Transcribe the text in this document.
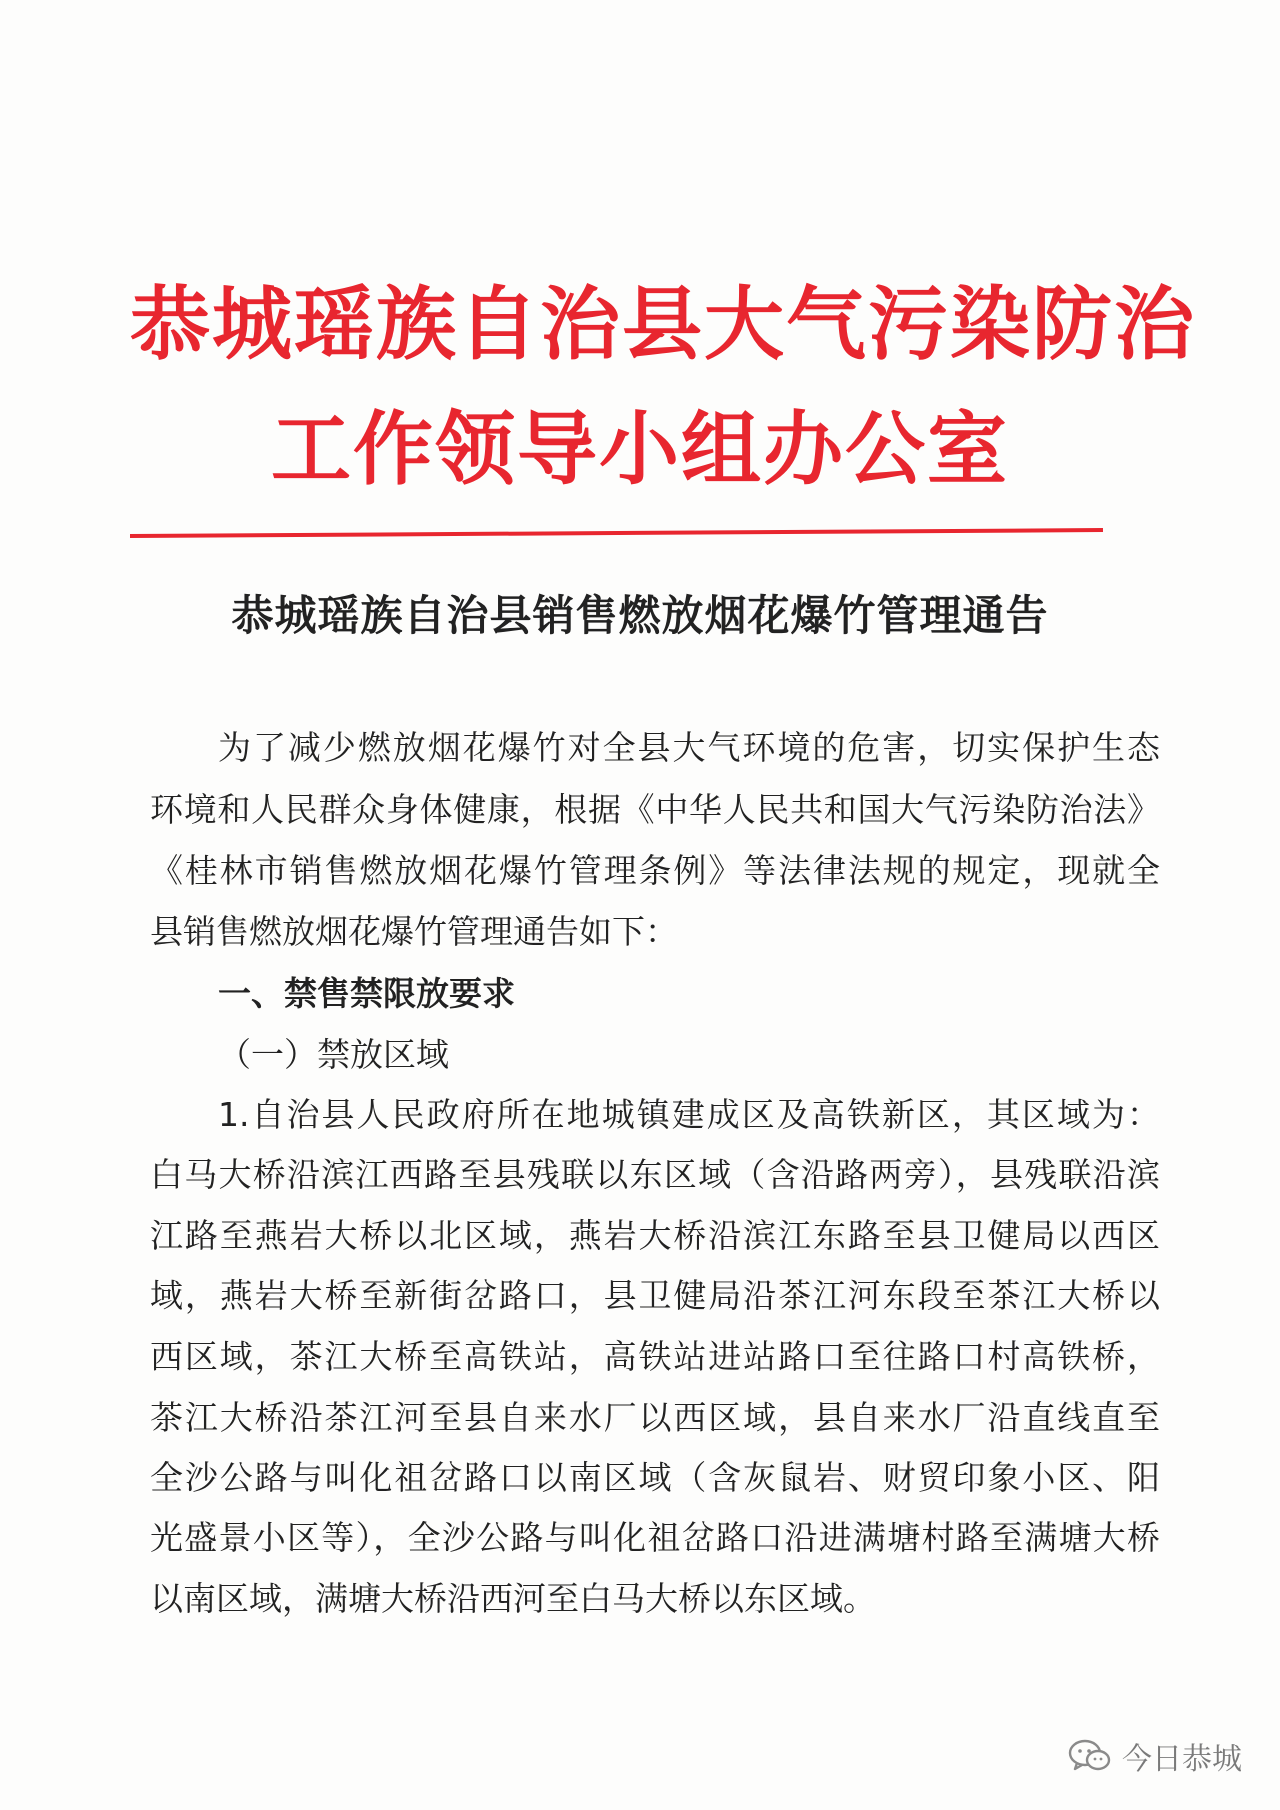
恭城瑶族自治县大气污染防治
工作领导小组办公室
恭城瑶族自治县销售燃放烟花爆竹管理通告
为了减少燃放烟花爆竹对全县大气环境的危害，切实保护生态
环境和人民群众身体健康，根据《中华人民共和国大气污染防治法》
《桂林市销售燃放烟花爆竹管理条例》等法律法规的规定，现就全
县销售燃放烟花爆竹管理通告如下：
一、禁售禁限放要求
（一）禁放区域
1.自治县人民政府所在地城镇建成区及高铁新区，其区域为：
白马大桥沿滨江西路至县残联以东区域（含沿路两旁），县残联沿滨
江路至燕岩大桥以北区域，燕岩大桥沿滨江东路至县卫健局以西区
域，燕岩大桥至新街岔路口，县卫健局沿茶江河东段至茶江大桥以
西区域，茶江大桥至高铁站，高铁站进站路口至往路口村高铁桥，
茶江大桥沿茶江河至县自来水厂以西区域，县自来水厂沿直线直至
全沙公路与叫化祖岔路口以南区域（含灰鼠岩、财贸印象小区、阳
光盛景小区等），全沙公路与叫化祖岔路口沿进满塘村路至满塘大桥
以南区域，满塘大桥沿西河至白马大桥以东区域。
今日恭城
